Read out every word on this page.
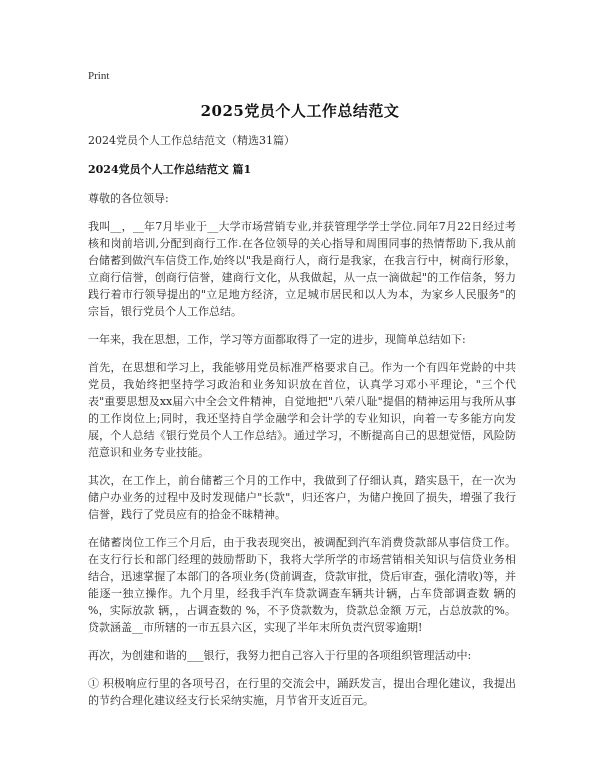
Print
2025党员个人工作总结范文

2024党员个人工作总结范文（精选31篇）

2024党员个人工作总结范文 篇1

尊敬的各位领导:

我叫__，__年7月毕业于__大学市场营销专业,并获管理学学士学位.同年7月22日经过考核和岗前培训,分配到商行工作.在各位领导的关心指导和周围同事的热情帮助下,我从前台储蓄到做汽车信贷工作,始终以"我是商行人，商行是我家，在我言行中，树商行形象，立商行信誉，创商行信誉，建商行文化，从我做起，从一点一滴做起"的工作信条，努力践行着市行领导提出的"立足地方经济，立足城市居民和以人为本，为家乡人民服务"的宗旨，银行党员个人工作总结。

一年来，我在思想，工作，学习等方面都取得了一定的进步，现简单总结如下:

首先，在思想和学习上，我能够用党员标准严格要求自己。作为一个有四年党龄的中共党员，我始终把坚持学习政治和业务知识放在首位，认真学习邓小平理论，"三个代表"重要思想及xx届六中全会文件精神，自觉地把"八荣八耻"提倡的精神运用与我所从事的工作岗位上;同时，我还坚持自学金融学和会计学的专业知识，向着一专多能方向发展，个人总结《银行党员个人工作总结》。通过学习，不断提高自己的思想觉悟，风险防范意识和业务专业技能。

其次，在工作上，前台储蓄三个月的工作中，我做到了仔细认真，踏实恳干，在一次为储户办业务的过程中及时发现储户"长款"，归还客户，为储户挽回了损失，增强了我行信誉，践行了党员应有的拾金不昧精神。

在储蓄岗位工作三个月后，由于我表现突出，被调配到汽车消费贷款部从事信贷工作。在支行行长和部门经理的鼓励帮助下，我将大学所学的市场营销相关知识与信贷业务相结合，迅速掌握了本部门的各项业务(贷前调查，贷款审批，贷后审查，强化清收)等，并能逐一独立操作。九个月里，经我手汽车贷款调查车辆共计辆，占车贷部调查数 辆的 %，实际放款 辆，，占调查数的 %，不予贷款数为，贷款总金额 万元，占总放款的%。贷款涵盖__市所辖的一市五县六区，实现了半年末所负责汽贸零逾期!

再次，为创建和谐的___银行，我努力把自己容入于行里的各项组织管理活动中:

① 积极响应行里的各项号召，在行里的交流会中，踊跃发言，提出合理化建议，我提出的节约合理化建议经支行长采纳实施，月节省开支近百元。
